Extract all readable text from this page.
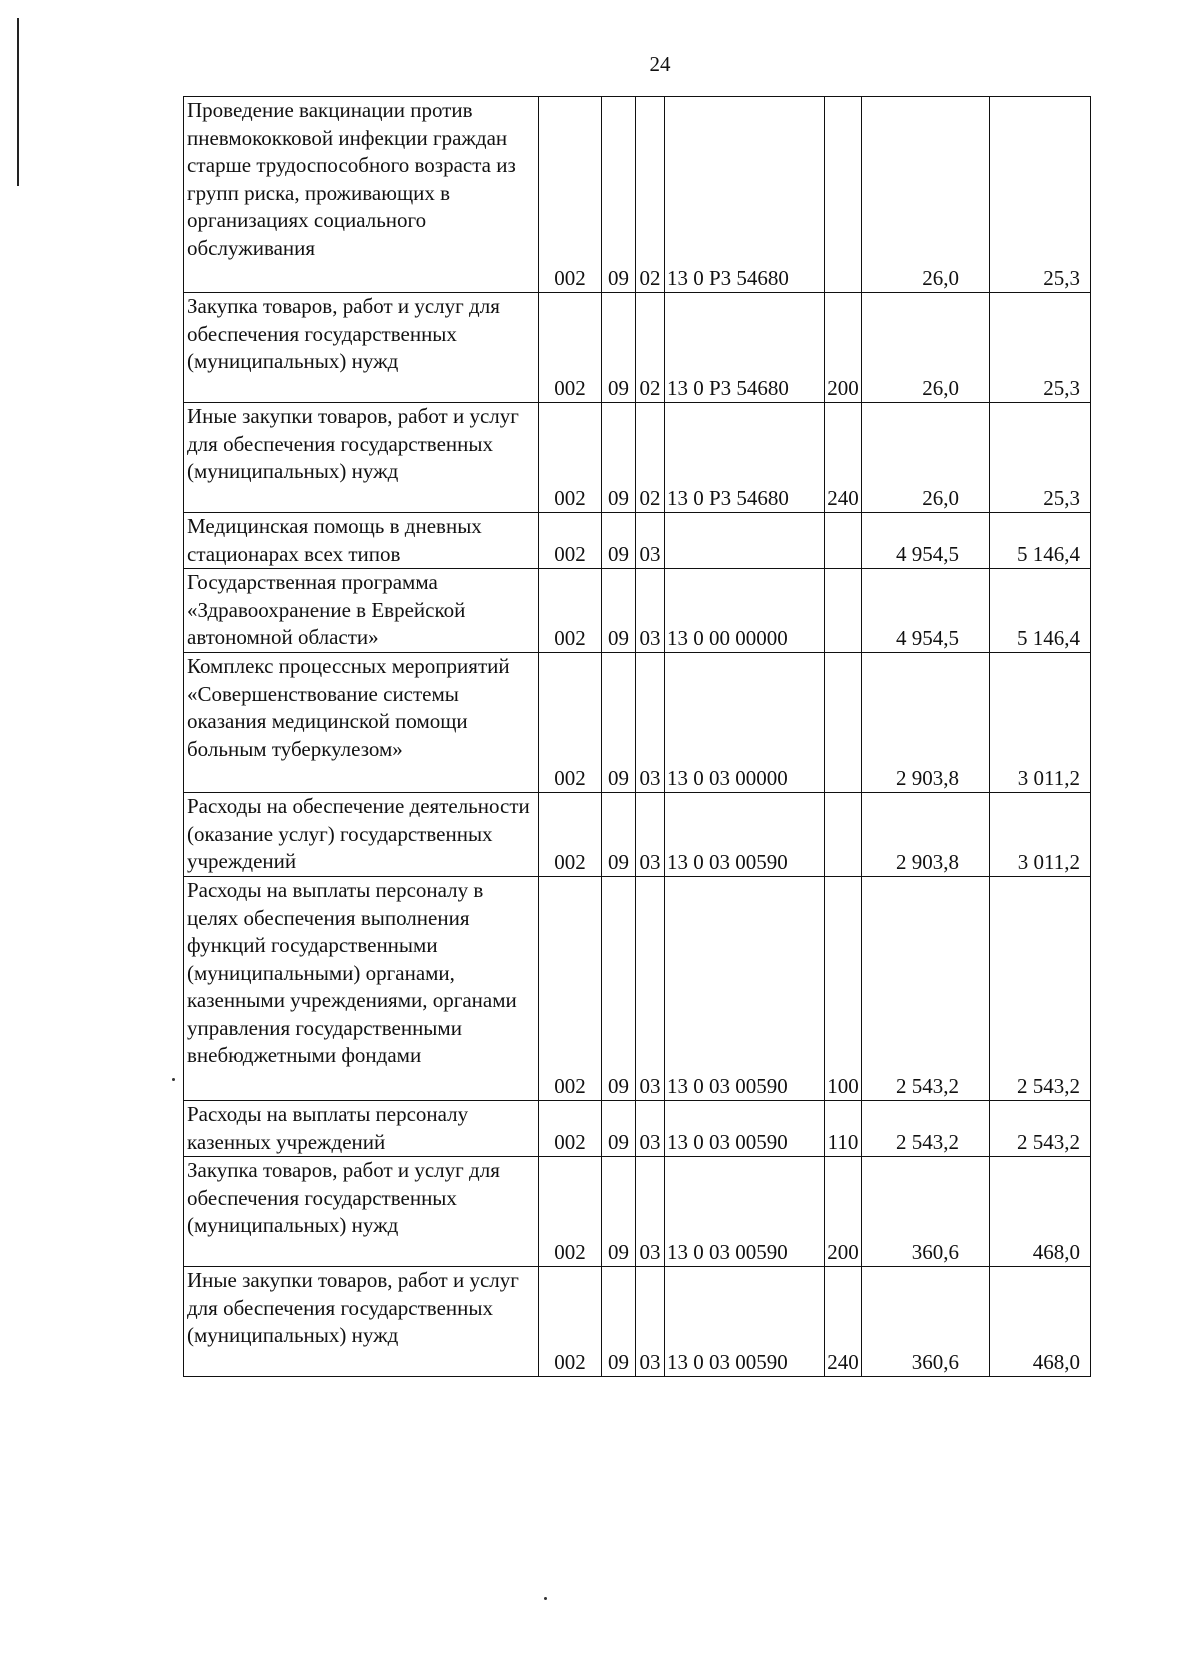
24
Проведение вакцинации против пневмококковой инфекции граждан старше трудоспособного возраста из групп риска, проживающих в организациях социального обслуживания	002	09	02	13 0 Р3 54680		26,0	25,3

Закупка товаров, работ и услуг для обеспечения государственных (муниципальных) нужд	002	09	02	13 0 Р3 54680	200	26,0	25,3

Иные закупки товаров, работ и услуг для обеспечения государственных (муниципальных) нужд	002	09	02	13 0 Р3 54680	240	26,0	25,3

Медицинская помощь в дневных стационарах всех типов	002	09	03			4 954,5	5 146,4

Государственная программа «Здравоохранение в Еврейской автономной области»	002	09	03	13 0 00 00000		4 954,5	5 146,4

Комплекс процессных мероприятий «Совершенствование системы оказания медицинской помощи больным туберкулезом»	002	09	03	13 0 03 00000		2 903,8	3 011,2

Расходы на обеспечение деятельности (оказание услуг) государственных учреждений	002	09	03	13 0 03 00590		2 903,8	3 011,2

Расходы на выплаты персоналу в целях обеспечения выполнения функций государственными (муниципальными) органами, казенными учреждениями, органами управления государственными внебюджетными фондами	002	09	03	13 0 03 00590	100	2 543,2	2 543,2

Расходы на выплаты персоналу казенных учреждений	002	09	03	13 0 03 00590	110	2 543,2	2 543,2

Закупка товаров, работ и услуг для обеспечения государственных (муниципальных) нужд	002	09	03	13 0 03 00590	200	360,6	468,0

Иные закупки товаров, работ и услуг для обеспечения государственных (муниципальных) нужд	002	09	03	13 0 03 00590	240	360,6	468,0
